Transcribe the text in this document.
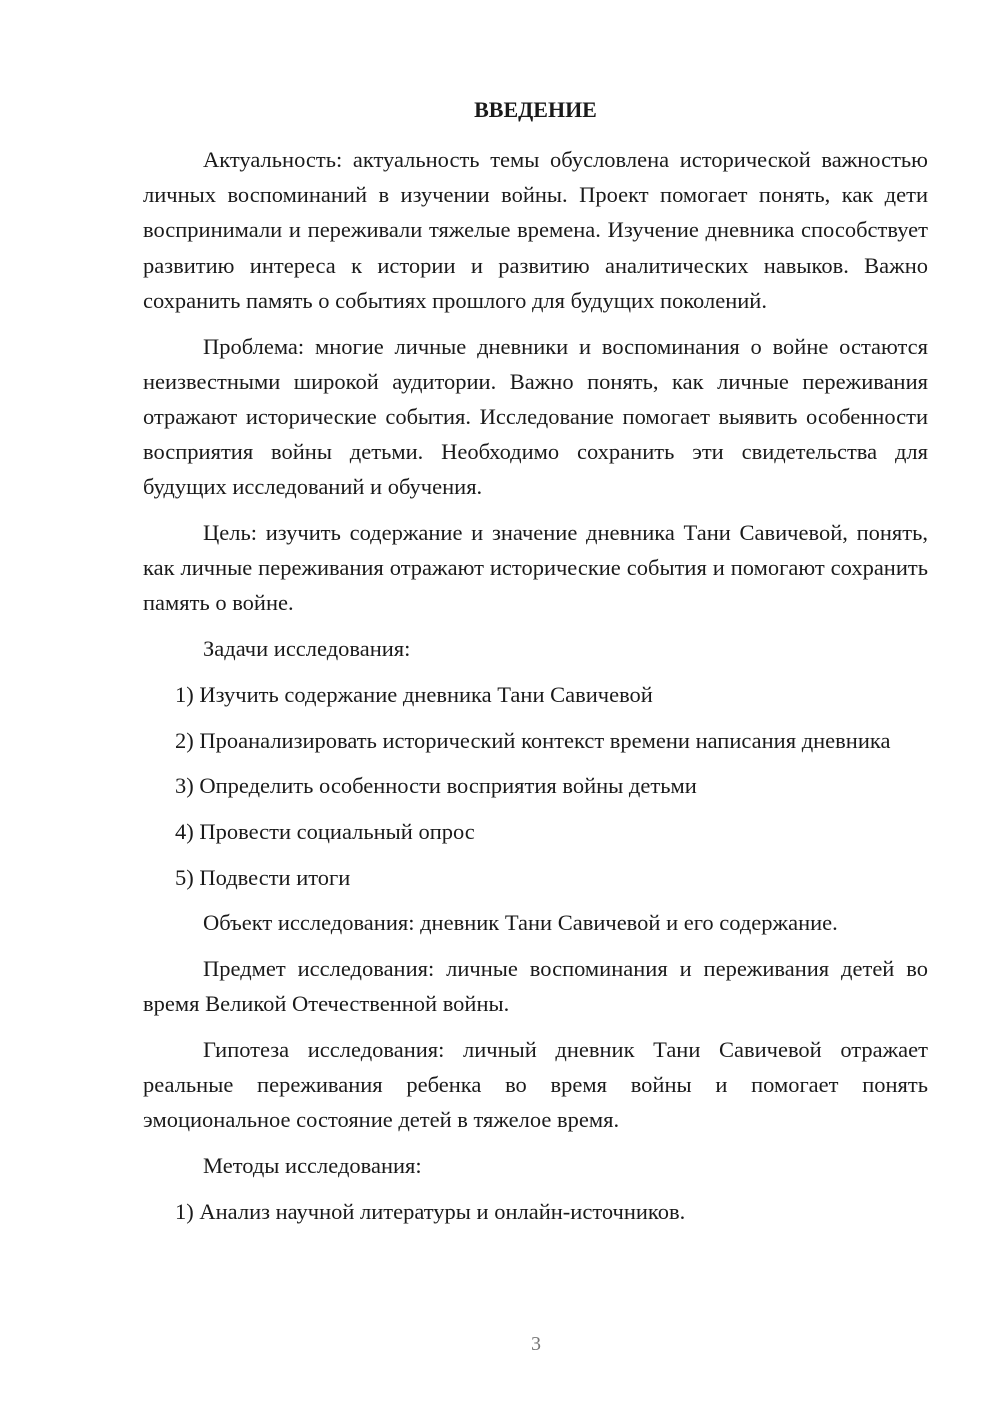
ВВЕДЕНИЕ

Актуальность: актуальность темы обусловлена исторической важностью личных воспоминаний в изучении войны. Проект помогает понять, как дети воспринимали и переживали тяжелые времена. Изучение дневника способствует развитию интереса к истории и развитию аналитических навыков. Важно сохранить память о событиях прошлого для будущих поколений.

Проблема: многие личные дневники и воспоминания о войне остаются неизвестными широкой аудитории. Важно понять, как личные переживания отражают исторические события. Исследование помогает выявить особенности восприятия войны детьми. Необходимо сохранить эти свидетельства для будущих исследований и обучения.

Цель: изучить содержание и значение дневника Тани Савичевой, понять, как личные переживания отражают исторические события и помогают сохранить память о войне.

Задачи исследования:

1) Изучить содержание дневника Тани Савичевой

2) Проанализировать исторический контекст времени написания дневника

3) Определить особенности восприятия войны детьми

4) Провести социальный опрос

5) Подвести итоги

Объект исследования: дневник Тани Савичевой и его содержание.

Предмет исследования: личные воспоминания и переживания детей во время Великой Отечественной войны.

Гипотеза исследования: личный дневник Тани Савичевой отражает реальные переживания ребенка во время войны и помогает понять эмоциональное состояние детей в тяжелое время.

Методы исследования:

1) Анализ научной литературы и онлайн-источников.

3
